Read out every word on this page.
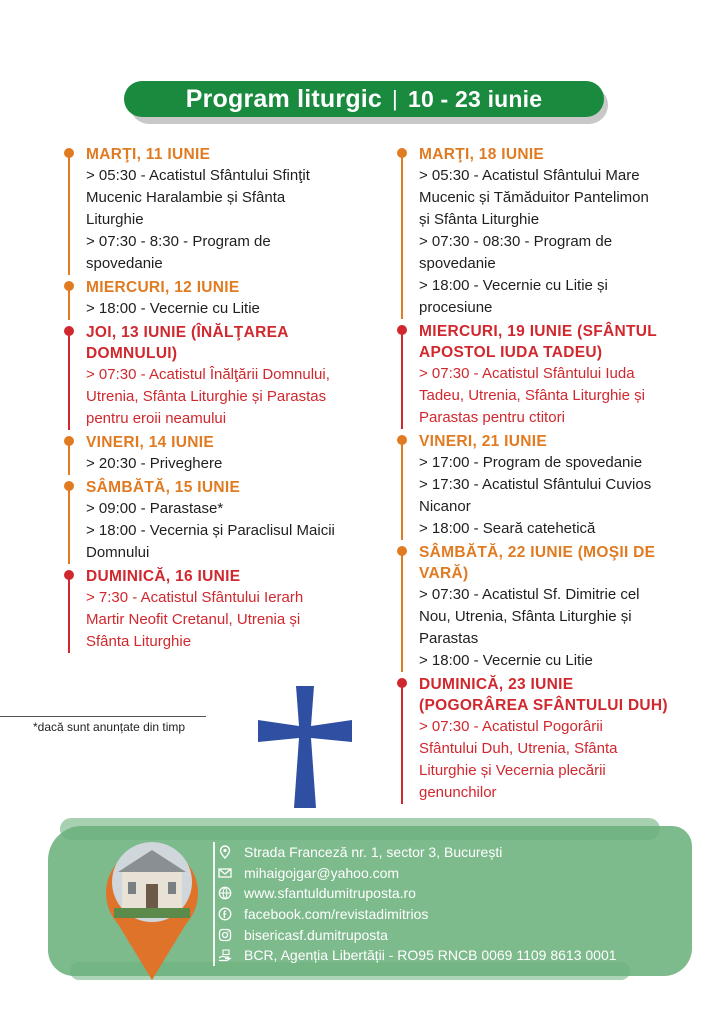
Program liturgic | 10 - 23 iunie
MARŢI, 11 IUNIE
> 05:30 - Acatistul Sfântului Sfinţit
Mucenic Haralambie și Sfânta
Liturghie
> 07:30 - 8:30 - Program de
spovedanie
MIERCURI, 12 IUNIE
> 18:00 - Vecernie cu Litie
JOI, 13 IUNIE (ÎNĂLŢAREA
DOMNULUI)
> 07:30 - Acatistul Înălţării Domnului,
Utrenia, Sfânta Liturghie și Parastas
pentru eroii neamului
VINERI, 14 IUNIE
> 20:30 - Priveghere
SÂMBĂTĂ, 15 IUNIE
> 09:00 - Parastase*
> 18:00 - Vecernia și Paraclisul Maicii
Domnului
DUMINICĂ, 16 IUNIE
> 7:30 - Acatistul Sfântului Ierarh
Martir Neofit Cretanul, Utrenia și
Sfânta Liturghie
MARŢI, 18 IUNIE
> 05:30 - Acatistul Sfântului Mare
Mucenic și Tămăduitor Pantelimon
și Sfânta Liturghie
> 07:30 - 08:30 - Program de
spovedanie
> 18:00 - Vecernie cu Litie și
procesiune
MIERCURI, 19 IUNIE (SFÂNTUL
APOSTOL IUDA TADEU)
> 07:30 - Acatistul Sfântului Iuda
Tadeu, Utrenia, Sfânta Liturghie și
Parastas pentru ctitori
VINERI, 21 IUNIE
> 17:00 - Program de spovedanie
> 17:30 - Acatistul Sfântului Cuvios
Nicanor
> 18:00 - Seară catehetică
SÂMBĂTĂ, 22 IUNIE (MOŞII DE
VARĂ)
> 07:30 - Acatistul Sf. Dimitrie cel
Nou, Utrenia, Sfânta Liturghie și
Parastas
> 18:00 - Vecernie cu Litie
DUMINICĂ, 23 IUNIE
(POGORÂREA SFÂNTULUI DUH)
> 07:30 - Acatistul Pogorârii
Sfântului Duh, Utrenia, Sfânta
Liturghie și Vecernia plecării
genunchilor
*dacă sunt anunțate din timp
Strada Franceză nr. 1, sector 3, București
mihaigojgar@yahoo.com
www.sfantuldumitruposta.ro
facebook.com/revistadimitrios
bisericasf.dumitruposta
BCR, Agenția Libertății - RO95 RNCB 0069 1109 8613 0001
